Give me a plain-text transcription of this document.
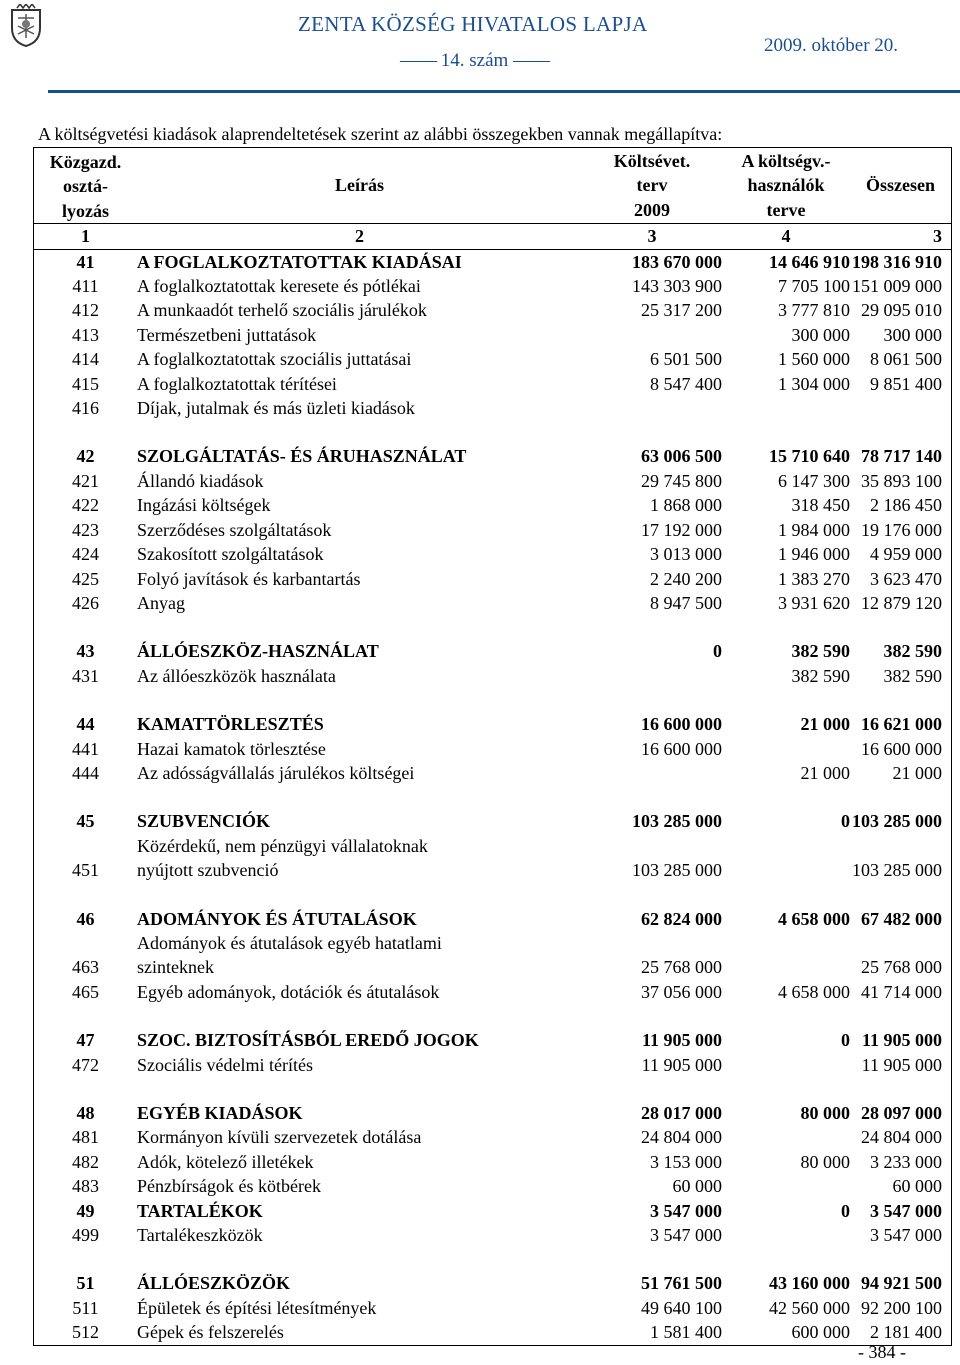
ZENTA KÖZSÉG HIVATALOS LAPJA
—— 14. szám ——
2009. október 20.
A költségvetési kiadások alaprendeltetések szerint az alábbi összegekben vannak megállapítva:
Közgazd.
osztá-
lyozás	Leírás	Költsévet.
terv
2009	A költségv.-
használók
terve	Összesen
1	2	3	4	3
41	A FOGLALKOZTATOTTAK KIADÁSAI	183 670 000	14 646 910	198 316 910
411	A foglalkoztatottak keresete és pótlékai	143 303 900	7 705 100	151 009 000
412	A munkaadót terhelő szociális járulékok	25 317 200	3 777 810	29 095 010
413	Természetbeni juttatások		300 000	300 000
414	A foglalkoztatottak szociális juttatásai	6 501 500	1 560 000	8 061 500
415	A foglalkoztatottak térítései	8 547 400	1 304 000	9 851 400
416	Díjak, jutalmak és más üzleti kiadások			

42	SZOLGÁLTATÁS- ÉS ÁRUHASZNÁLAT	63 006 500	15 710 640	78 717 140
421	Állandó kiadások	29 745 800	6 147 300	35 893 100
422	Ingázási költségek	1 868 000	318 450	2 186 450
423	Szerződéses szolgáltatások	17 192 000	1 984 000	19 176 000
424	Szakosított szolgáltatások	3 013 000	1 946 000	4 959 000
425	Folyó javítások és karbantartás	2 240 200	1 383 270	3 623 470
426	Anyag	8 947 500	3 931 620	12 879 120

43	ÁLLÓESZKÖZ-HASZNÁLAT	0	382 590	382 590
431	Az állóeszközök használata		382 590	382 590

44	KAMATTÖRLESZTÉS	16 600 000	21 000	16 621 000
441	Hazai kamatok törlesztése	16 600 000		16 600 000
444	Az adósságvállalás járulékos költségei		21 000	21 000

45	SZUBVENCIÓK	103 285 000	0	103 285 000
451	Közérdekű, nem pénzügyi vállalatoknak
nyújtott szubvenció	103 285 000		103 285 000

46	ADOMÁNYOK ÉS ÁTUTALÁSOK	62 824 000	4 658 000	67 482 000
463	Adományok és átutalások egyéb hatatlami
szinteknek	25 768 000		25 768 000
465	Egyéb adományok, dotációk és átutalások	37 056 000	4 658 000	41 714 000

47	SZOC. BIZTOSÍTÁSBÓL EREDŐ JOGOK	11 905 000	0	11 905 000
472	Szociális védelmi térítés	11 905 000		11 905 000

48	EGYÉB KIADÁSOK	28 017 000	80 000	28 097 000
481	Kormányon kívüli szervezetek dotálása	24 804 000		24 804 000
482	Adók, kötelező illetékek	3 153 000	80 000	3 233 000
483	Pénzbírságok és kötbérek	60 000		60 000
49	TARTALÉKOK	3 547 000	0	3 547 000
499	Tartalékeszközök	3 547 000		3 547 000

51	ÁLLÓESZKÖZÖK	51 761 500	43 160 000	94 921 500
511	Épületek és építési létesítmények	49 640 100	42 560 000	92 200 100
512	Gépek és felszerelés	1 581 400	600 000	2 181 400
- 384 -
